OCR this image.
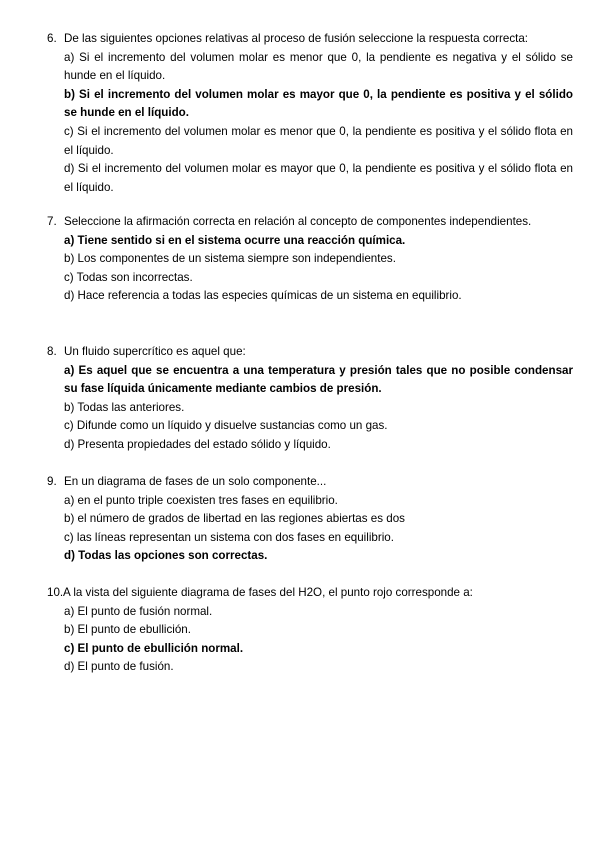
6. De las siguientes opciones relativas al proceso de fusión seleccione la respuesta correcta:
a) Si el incremento del volumen molar es menor que 0, la pendiente es negativa y el sólido se hunde en el líquido.
b) Si el incremento del volumen molar es mayor que 0, la pendiente es positiva y el sólido se hunde en el líquido.
c) Si el incremento del volumen molar es menor que 0, la pendiente es positiva y el sólido flota en el líquido.
d) Si el incremento del volumen molar es mayor que 0, la pendiente es positiva y el sólido flota en el líquido.
7. Seleccione la afirmación correcta en relación al concepto de componentes independientes.
a) Tiene sentido si en el sistema ocurre una reacción química.
b) Los componentes de un sistema siempre son independientes.
c) Todas son incorrectas.
d) Hace referencia a todas las especies químicas de un sistema en equilibrio.
8. Un fluido supercrítico es aquel que:
a) Es aquel que se encuentra a una temperatura y presión tales que no posible condensar su fase líquida únicamente mediante cambios de presión.
b) Todas las anteriores.
c) Difunde como un líquido y disuelve sustancias como un gas.
d) Presenta propiedades del estado sólido y líquido.
9. En un diagrama de fases de un solo componente...
a) en el punto triple coexisten tres fases en equilibrio.
b) el número de grados de libertad en las regiones abiertas es dos
c) las líneas representan un sistema con dos fases en equilibrio.
d) Todas las opciones son correctas.
10. A la vista del siguiente diagrama de fases del H2O, el punto rojo corresponde a:
a) El punto de fusión normal.
b) El punto de ebullición.
c) El punto de ebullición normal.
d) El punto de fusión.
